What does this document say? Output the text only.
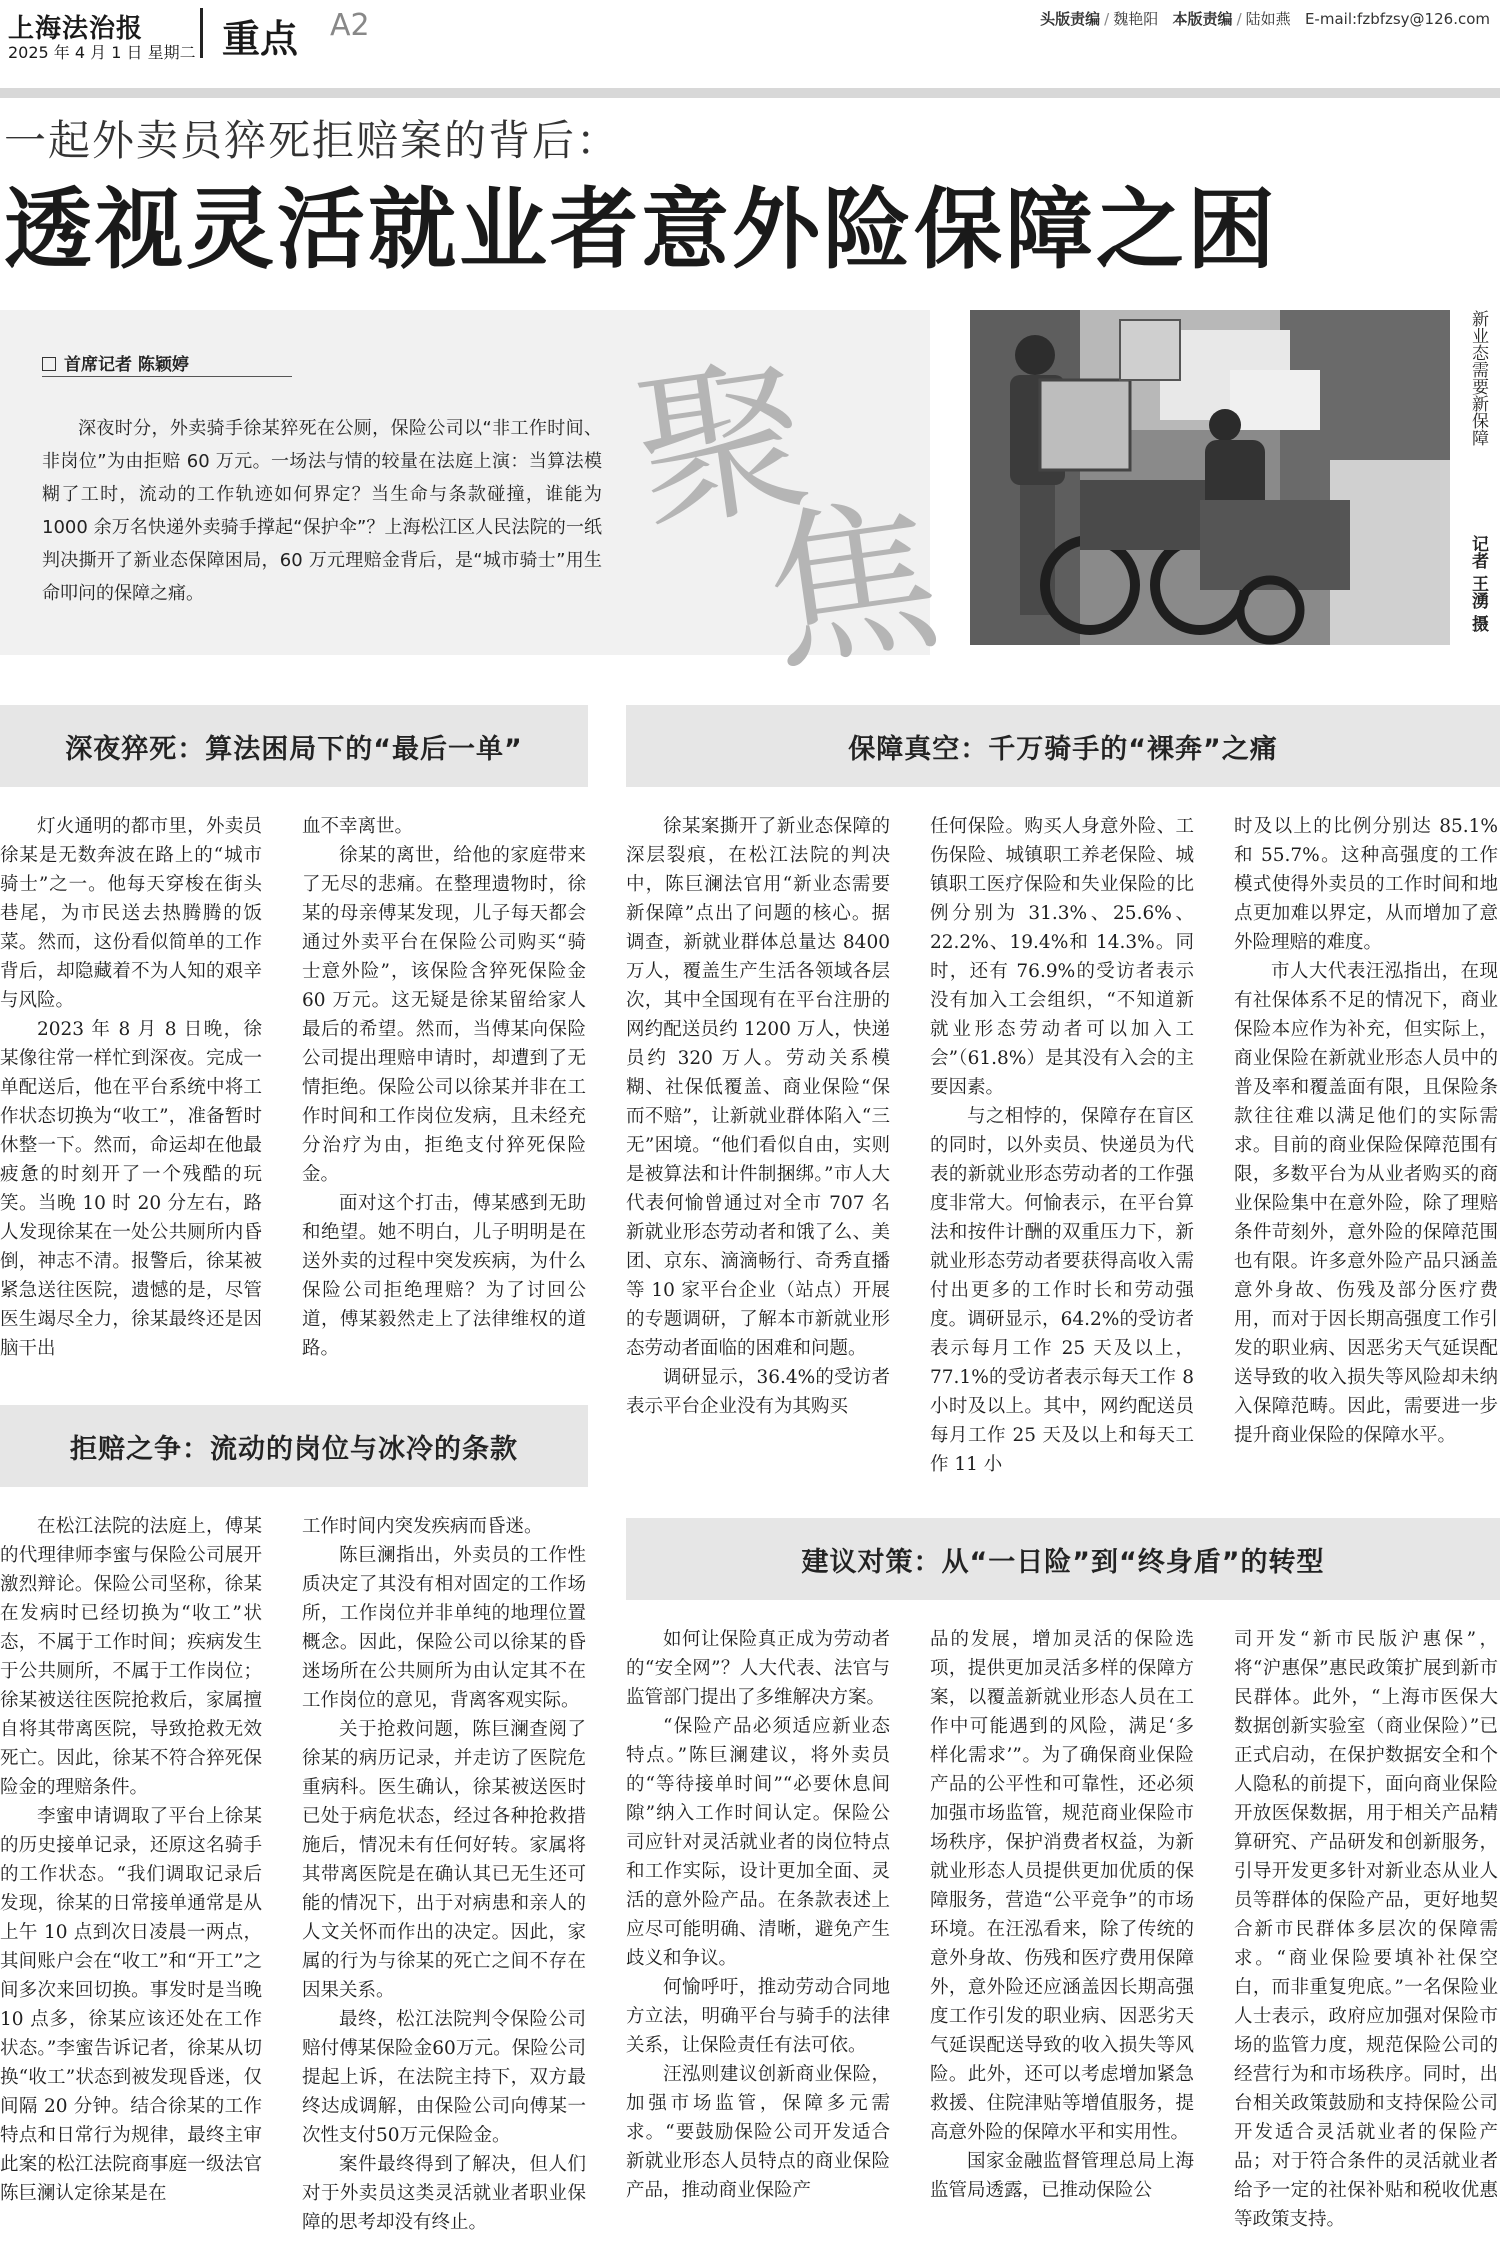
上海法治报
2025 年 4 月 1 日 星期二 重点 A2	头版责编 / 魏艳阳 本版责编 / 陆如燕 E-mail:fzbfzsy@126.com
一起外卖员猝死拒赔案的背后：
透视灵活就业者意外险保障之困
首席记者 陈颖婷
深夜时分，外卖骑手徐某猝死在公厕，保险公司以“非工作时间、非岗位”为由拒赔 60 万元。一场法与情的较量在法庭上演：当算法模糊了工时，流动的工作轨迹如何界定？当生命与条款碰撞，谁能为 1000 余万名快递外卖骑手撑起“保护伞”？上海松江区人民法院的一纸判决撕开了新业态保障困局，60 万元理赔金背后，是“城市骑士”用生命叩问的保障之痛。
聚
焦
新业态需要新保障
记者 王湧 摄
深夜猝死：算法困局下的“最后一单”

灯火通明的都市里，外卖员徐某是无数奔波在路上的“城市骑士”之一。他每天穿梭在街头巷尾，为市民送去热腾腾的饭菜。然而，这份看似简单的工作背后，却隐藏着不为人知的艰辛与风险。

2023 年 8 月 8 日晚，徐某像往常一样忙到深夜。完成一单配送后，他在平台系统中将工作状态切换为“收工”，准备暂时休整一下。然而，命运却在他最疲惫的时刻开了一个残酷的玩笑。当晚 10 时 20 分左右，路人发现徐某在一处公共厕所内昏倒，神志不清。报警后，徐某被紧急送往医院，遗憾的是，尽管医生竭尽全力，徐某最终还是因脑干出

血不幸离世。

徐某的离世，给他的家庭带来了无尽的悲痛。在整理遗物时，徐某的母亲傅某发现，儿子每天都会通过外卖平台在保险公司购买“骑士意外险”，该保险含猝死保险金 60 万元。这无疑是徐某留给家人最后的希望。然而，当傅某向保险公司提出理赔申请时，却遭到了无情拒绝。保险公司以徐某并非在工作时间和工作岗位发病，且未经充分治疗为由，拒绝支付猝死保险金。

面对这个打击，傅某感到无助和绝望。她不明白，儿子明明是在送外卖的过程中突发疾病，为什么保险公司拒绝理赔？为了讨回公道，傅某毅然走上了法律维权的道路。

拒赔之争：流动的岗位与冰冷的条款

在松江法院的法庭上，傅某的代理律师李蜜与保险公司展开激烈辩论。保险公司坚称，徐某在发病时已经切换为“收工”状态，不属于工作时间；疾病发生于公共厕所，不属于工作岗位；徐某被送往医院抢救后，家属擅自将其带离医院，导致抢救无效死亡。因此，徐某不符合猝死保险金的理赔条件。

李蜜申请调取了平台上徐某的历史接单记录，还原这名骑手的工作状态。“我们调取记录后发现，徐某的日常接单通常是从上午 10 点到次日凌晨一两点，其间账户会在“收工”和“开工”之间多次来回切换。事发时是当晚 10 点多，徐某应该还处在工作状态。”李蜜告诉记者，徐某从切换“收工”状态到被发现昏迷，仅间隔 20 分钟。结合徐某的工作特点和日常行为规律，最终主审此案的松江法院商事庭一级法官陈巨澜认定徐某是在

工作时间内突发疾病而昏迷。

陈巨澜指出，外卖员的工作性质决定了其没有相对固定的工作场所，工作岗位并非单纯的地理位置概念。因此，保险公司以徐某的昏迷场所在公共厕所为由认定其不在工作岗位的意见，背离客观实际。

关于抢救问题，陈巨澜查阅了徐某的病历记录，并走访了医院危重病科。医生确认，徐某被送医时已处于病危状态，经过各种抢救措施后，情况未有任何好转。家属将其带离医院是在确认其已无生还可能的情况下，出于对病患和亲人的人文关怀而作出的决定。因此，家属的行为与徐某的死亡之间不存在因果关系。

最终，松江法院判令保险公司赔付傅某保险金60万元。保险公司提起上诉，在法院主持下，双方最终达成调解，由保险公司向傅某一次性支付50万元保险金。

案件最终得到了解决，但人们对于外卖员这类灵活就业者职业保障的思考却没有终止。

保障真空：千万骑手的“裸奔”之痛

徐某案撕开了新业态保障的深层裂痕，在松江法院的判决中，陈巨澜法官用“新业态需要新保障”点出了问题的核心。据调查，新就业群体总量达 8400 万人，覆盖生产生活各领域各层次，其中全国现有在平台注册的网约配送员约 1200 万人，快递员约 320 万人。劳动关系模糊、社保低覆盖、商业保险“保而不赔”，让新就业群体陷入“三无”困境。“他们看似自由，实则是被算法和计件制捆绑。”市人大代表何愉曾通过对全市 707 名新就业形态劳动者和饿了么、美团、京东、滴滴畅行、奇秀直播等 10 家平台企业（站点）开展的专题调研，了解本市新就业形态劳动者面临的困难和问题。

调研显示，36.4%的受访者表示平台企业没有为其购买

任何保险。购买人身意外险、工伤保险、城镇职工养老保险、城镇职工医疗保险和失业保险的比例分别为 31.3%、25.6%、22.2%、19.4%和 14.3%。同时，还有 76.9%的受访者表示没有加入工会组织，“不知道新就业形态劳动者可以加入工会”（61.8%）是其没有入会的主要因素。

与之相悖的，保障存在盲区的同时，以外卖员、快递员为代表的新就业形态劳动者的工作强度非常大。何愉表示，在平台算法和按件计酬的双重压力下，新就业形态劳动者要获得高收入需付出更多的工作时长和劳动强度。调研显示，64.2%的受访者表示每月工作 25 天及以上，77.1%的受访者表示每天工作 8 小时及以上。其中，网约配送员每月工作 25 天及以上和每天工作 11 小

时及以上的比例分别达 85.1%和 55.7%。这种高强度的工作模式使得外卖员的工作时间和地点更加难以界定，从而增加了意外险理赔的难度。

市人大代表汪泓指出，在现有社保体系不足的情况下，商业保险本应作为补充，但实际上，商业保险在新就业形态人员中的普及率和覆盖面有限，且保险条款往往难以满足他们的实际需求。目前的商业保险保障范围有限，多数平台为从业者购买的商业保险集中在意外险，除了理赔条件苛刻外，意外险的保障范围也有限。许多意外险产品只涵盖意外身故、伤残及部分医疗费用，而对于因长期高强度工作引发的职业病、因恶劣天气延误配送导致的收入损失等风险却未纳入保障范畴。因此，需要进一步提升商业保险的保障水平。

建议对策：从“一日险”到“终身盾”的转型

如何让保险真正成为劳动者的“安全网”？人大代表、法官与监管部门提出了多维解决方案。

“保险产品必须适应新业态特点。”陈巨澜建议，将外卖员的“等待接单时间”“必要休息间隙”纳入工作时间认定。保险公司应针对灵活就业者的岗位特点和工作实际，设计更加全面、灵活的意外险产品。在条款表述上应尽可能明确、清晰，避免产生歧义和争议。

何愉呼吁，推动劳动合同地方立法，明确平台与骑手的法律关系，让保险责任有法可依。

汪泓则建议创新商业保险，加强市场监管，保障多元需求。“要鼓励保险公司开发适合新就业形态人员特点的商业保险产品，推动商业保险产

品的发展，增加灵活的保险选项，提供更加灵活多样的保障方案，以覆盖新就业形态人员在工作中可能遇到的风险，满足‘多样化需求’”。为了确保商业保险产品的公平性和可靠性，还必须加强市场监管，规范商业保险市场秩序，保护消费者权益，为新就业形态人员提供更加优质的保障服务，营造“公平竞争”的市场环境。在汪泓看来，除了传统的意外身故、伤残和医疗费用保障外，意外险还应涵盖因长期高强度工作引发的职业病、因恶劣天气延误配送导致的收入损失等风险。此外，还可以考虑增加紧急救援、住院津贴等增值服务，提高意外险的保障水平和实用性。

国家金融监督管理总局上海监管局透露，已推动保险公

司开发“新市民版沪惠保”，将“沪惠保”惠民政策扩展到新市民群体。此外，“上海市医保大数据创新实验室（商业保险）”已正式启动，在保护数据安全和个人隐私的前提下，面向商业保险开放医保数据，用于相关产品精算研究、产品研发和创新服务，引导开发更多针对新业态从业人员等群体的保险产品，更好地契合新市民群体多层次的保障需求。“商业保险要填补社保空白，而非重复兜底。”一名保险业人士表示，政府应加强对保险市场的监管力度，规范保险公司的经营行为和市场秩序。同时，出台相关政策鼓励和支持保险公司开发适合灵活就业者的保险产品；对于符合条件的灵活就业者给予一定的社保补贴和税收优惠等政策支持。
